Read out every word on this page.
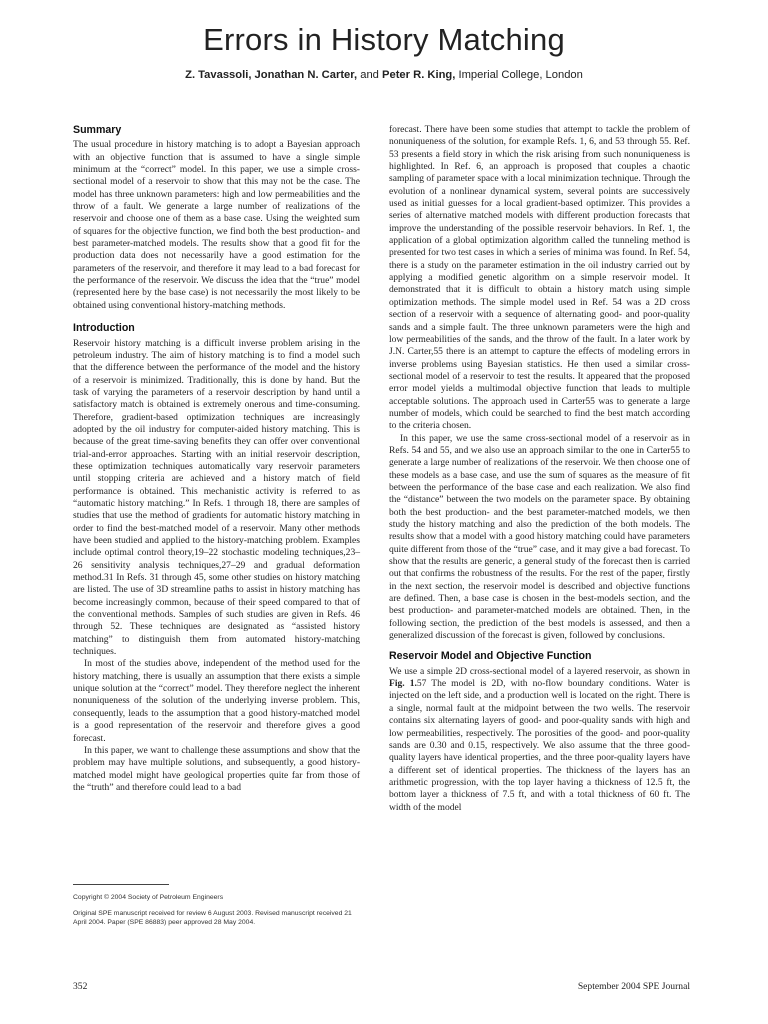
Errors in History Matching
Z. Tavassoli, Jonathan N. Carter, and Peter R. King, Imperial College, London
Summary

The usual procedure in history matching is to adopt a Bayesian approach with an objective function that is assumed to have a single simple minimum at the “correct” model. In this paper, we use a simple cross-sectional model of a reservoir to show that this may not be the case. The model has three unknown parameters: high and low permeabilities and the throw of a fault. We generate a large number of realizations of the reservoir and choose one of them as a base case. Using the weighted sum of squares for the objective function, we find both the best production- and best parameter-matched models. The results show that a good fit for the production data does not necessarily have a good estimation for the parameters of the reservoir, and therefore it may lead to a bad forecast for the performance of the reservoir. We discuss the idea that the “true” model (represented here by the base case) is not necessarily the most likely to be obtained using conventional history-matching methods.

Introduction

Reservoir history matching is a difficult inverse problem arising in the petroleum industry. The aim of history matching is to find a model such that the difference between the performance of the model and the history of a reservoir is minimized. Traditionally, this is done by hand. But the task of varying the parameters of a reservoir description by hand until a satisfactory match is obtained is extremely onerous and time-consuming. Therefore, gradient-based optimization techniques are increasingly adopted by the oil industry for computer-aided history matching. This is because of the great time-saving benefits they can offer over conventional trial-and-error approaches. Starting with an initial reservoir description, these optimization techniques automatically vary reservoir parameters until stopping criteria are achieved and a history match of field performance is obtained. This mechanistic activity is referred to as “automatic history matching.” In Refs. 1 through 18, there are samples of studies that use the method of gradients for automatic history matching in order to find the best-matched model of a reservoir. Many other methods have been studied and applied to the history-matching problem. Examples include optimal control theory,19–22 stochastic modeling techniques,23–26 sensitivity analysis techniques,27–29 and gradual deformation method.31 In Refs. 31 through 45, some other studies on history matching are listed. The use of 3D streamline paths to assist in history matching has become increasingly common, because of their speed compared to that of the conventional methods. Samples of such studies are given in Refs. 46 through 52. These techniques are designated as “assisted history matching” to distinguish them from automated history-matching techniques.

In most of the studies above, independent of the method used for the history matching, there is usually an assumption that there exists a simple unique solution at the “correct” model. They therefore neglect the inherent nonuniqueness of the solution of the underlying inverse problem. This, consequently, leads to the assumption that a good history-matched model is a good representation of the reservoir and therefore gives a good forecast.

In this paper, we want to challenge these assumptions and show that the problem may have multiple solutions, and subsequently, a good history-matched model might have geological properties quite far from those of the “truth” and therefore could lead to a bad

forecast. There have been some studies that attempt to tackle the problem of nonuniqueness of the solution, for example Refs. 1, 6, and 53 through 55. Ref. 53 presents a field story in which the risk arising from such nonuniqueness is highlighted. In Ref. 6, an approach is proposed that couples a chaotic sampling of parameter space with a local minimization technique. Through the evolution of a nonlinear dynamical system, several points are successively used as initial guesses for a local gradient-based optimizer. This provides a series of alternative matched models with different production forecasts that improve the understanding of the possible reservoir behaviors. In Ref. 1, the application of a global optimization algorithm called the tunneling method is presented for two test cases in which a series of minima was found. In Ref. 54, there is a study on the parameter estimation in the oil industry carried out by applying a modified genetic algorithm on a simple reservoir model. It demonstrated that it is difficult to obtain a history match using simple optimization methods. The simple model used in Ref. 54 was a 2D cross section of a reservoir with a sequence of alternating good- and poor-quality sands and a simple fault. The three unknown parameters were the high and low permeabilities of the sands, and the throw of the fault. In a later work by J.N. Carter,55 there is an attempt to capture the effects of modeling errors in inverse problems using Bayesian statistics. He then used a similar cross-sectional model of a reservoir to test the results. It appeared that the proposed error model yields a multimodal objective function that leads to multiple acceptable solutions. The approach used in Carter55 was to generate a large number of models, which could be searched to find the best match according to the criteria chosen.

In this paper, we use the same cross-sectional model of a reservoir as in Refs. 54 and 55, and we also use an approach similar to the one in Carter55 to generate a large number of realizations of the reservoir. We then choose one of these models as a base case, and use the sum of squares as the measure of fit between the performance of the base case and each realization. We also find the “distance” between the two models on the parameter space. By obtaining both the best production- and the best parameter-matched models, we then study the history matching and also the prediction of the both models. The results show that a model with a good history matching could have parameters quite different from those of the “true” case, and it may give a bad forecast. To show that the results are generic, a general study of the forecast then is carried out that confirms the robustness of the results. For the rest of the paper, firstly in the next section, the reservoir model is described and objective functions are defined. Then, a base case is chosen in the best-models section, and the best production- and parameter-matched models are obtained. Then, in the following section, the prediction of the best models is assessed, and then a generalized discussion of the forecast is given, followed by conclusions.

Reservoir Model and Objective Function

We use a simple 2D cross-sectional model of a layered reservoir, as shown in Fig. 1.57 The model is 2D, with no-flow boundary conditions. Water is injected on the left side, and a production well is located on the right. There is a single, normal fault at the midpoint between the two wells. The reservoir contains six alternating layers of good- and poor-quality sands with high and low permeabilities, respectively. The porosities of the good- and poor-quality sands are 0.30 and 0.15, respectively. We also assume that the three good-quality layers have identical properties, and the three poor-quality layers have a different set of identical properties. The thickness of the layers has an arithmetic progression, with the top layer having a thickness of 12.5 ft, the bottom layer a thickness of 7.5 ft, and with a total thickness of 60 ft. The width of the model

Copyright © 2004 Society of Petroleum Engineers
Original SPE manuscript received for review 6 August 2003. Revised manuscript received 21 April 2004. Paper (SPE 86883) peer approved 28 May 2004.
352	September 2004 SPE Journal
